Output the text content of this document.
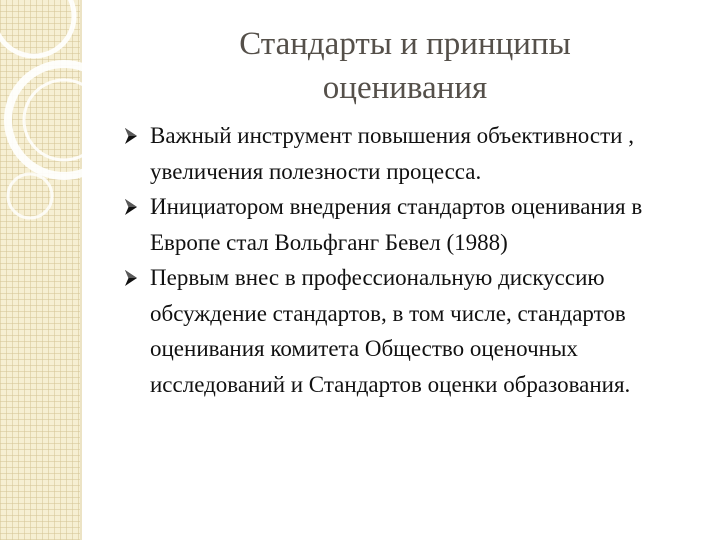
Стандарты и принципы
оценивания
Важный инструмент повышения объективности , увеличения полезности процесса.
Инициатором внедрения стандартов оценивания в Европе стал Вольфганг Бевел (1988)
Первым внес в профессиональную дискуссию обсуждение стандартов, в том числе, стандартов оценивания комитета Общество оценочных исследований и Стандартов оценки образования.
